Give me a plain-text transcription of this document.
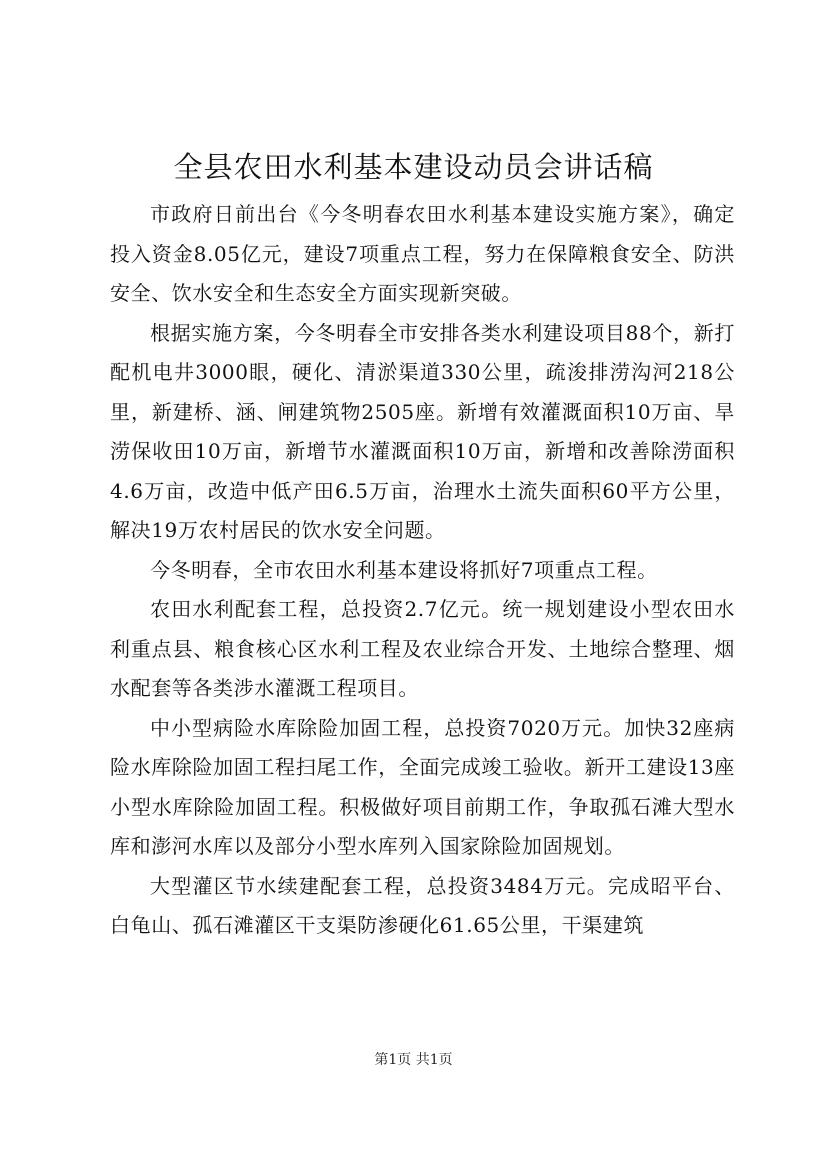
全县农田水利基本建设动员会讲话稿

市政府日前出台《今冬明春农田水利基本建设实施方案》，确定投入资金8.05亿元，建设7项重点工程，努力在保障粮食安全、防洪安全、饮水安全和生态安全方面实现新突破。

根据实施方案，今冬明春全市安排各类水利建设项目88个，新打配机电井3000眼，硬化、清淤渠道330公里，疏浚排涝沟河218公里，新建桥、涵、闸建筑物2505座。新增有效灌溉面积10万亩、旱涝保收田10万亩，新增节水灌溉面积10万亩，新增和改善除涝面积4.6万亩，改造中低产田6.5万亩，治理水土流失面积60平方公里，解决19万农村居民的饮水安全问题。

今冬明春，全市农田水利基本建设将抓好7项重点工程。

农田水利配套工程，总投资2.7亿元。统一规划建设小型农田水利重点县、粮食核心区水利工程及农业综合开发、土地综合整理、烟水配套等各类涉水灌溉工程项目。

中小型病险水库除险加固工程，总投资7020万元。加快32座病险水库除险加固工程扫尾工作，全面完成竣工验收。新开工建设13座小型水库除险加固工程。积极做好项目前期工作，争取孤石滩大型水库和澎河水库以及部分小型水库列入国家除险加固规划。

大型灌区节水续建配套工程，总投资3484万元。完成昭平台、白龟山、孤石滩灌区干支渠防渗硬化61.65公里，干渠建筑

第1页 共1页
